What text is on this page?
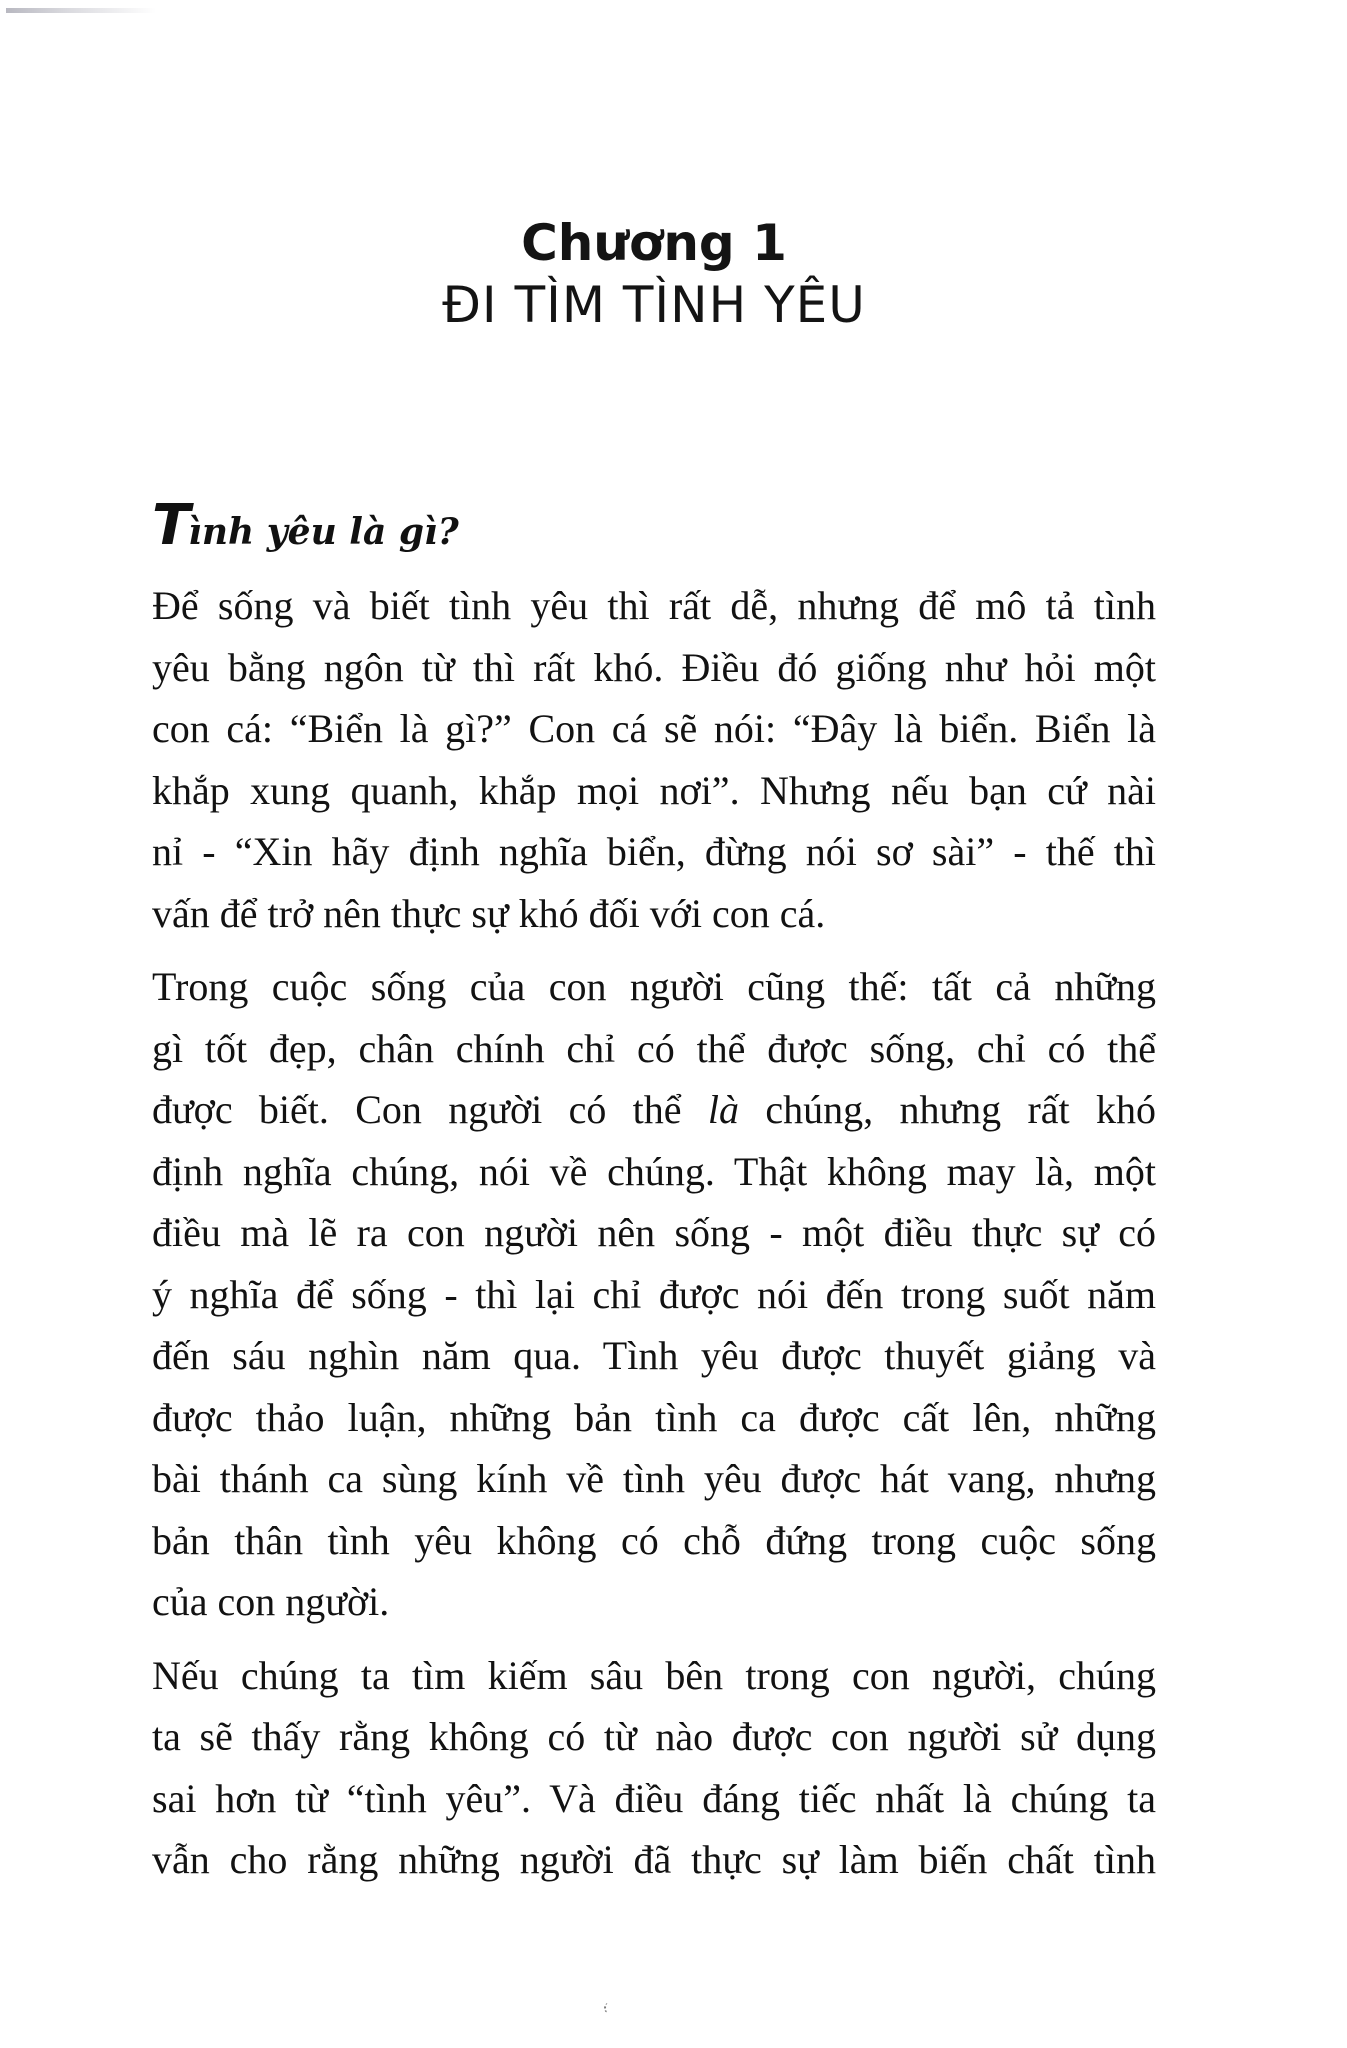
Chương 1
ĐI TÌM TÌNH YÊU
Tình yêu là gì?
Để sống và biết tình yêu thì rất dễ, nhưng để mô tả tình
yêu bằng ngôn từ thì rất khó. Điều đó giống như hỏi một
con cá: “Biển là gì?” Con cá sẽ nói: “Đây là biển. Biển là
khắp xung quanh, khắp mọi nơi”. Nhưng nếu bạn cứ nài
nỉ - “Xin hãy định nghĩa biển, đừng nói sơ sài” - thế thì
vấn để trở nên thực sự khó đối với con cá.
Trong cuộc sống của con người cũng thế: tất cả những
gì tốt đẹp, chân chính chỉ có thể được sống, chỉ có thể
được biết. Con người có thể là chúng, nhưng rất khó
định nghĩa chúng, nói về chúng. Thật không may là, một
điều mà lẽ ra con người nên sống - một điều thực sự có
ý nghĩa để sống - thì lại chỉ được nói đến trong suốt năm
đến sáu nghìn năm qua. Tình yêu được thuyết giảng và
được thảo luận, những bản tình ca được cất lên, những
bài thánh ca sùng kính về tình yêu được hát vang, nhưng
bản thân tình yêu không có chỗ đứng trong cuộc sống
của con người.
Nếu chúng ta tìm kiếm sâu bên trong con người, chúng
ta sẽ thấy rằng không có từ nào được con người sử dụng
sai hơn từ “tình yêu”. Và điều đáng tiếc nhất là chúng ta
vẫn cho rằng những người đã thực sự làm biến chất tình
